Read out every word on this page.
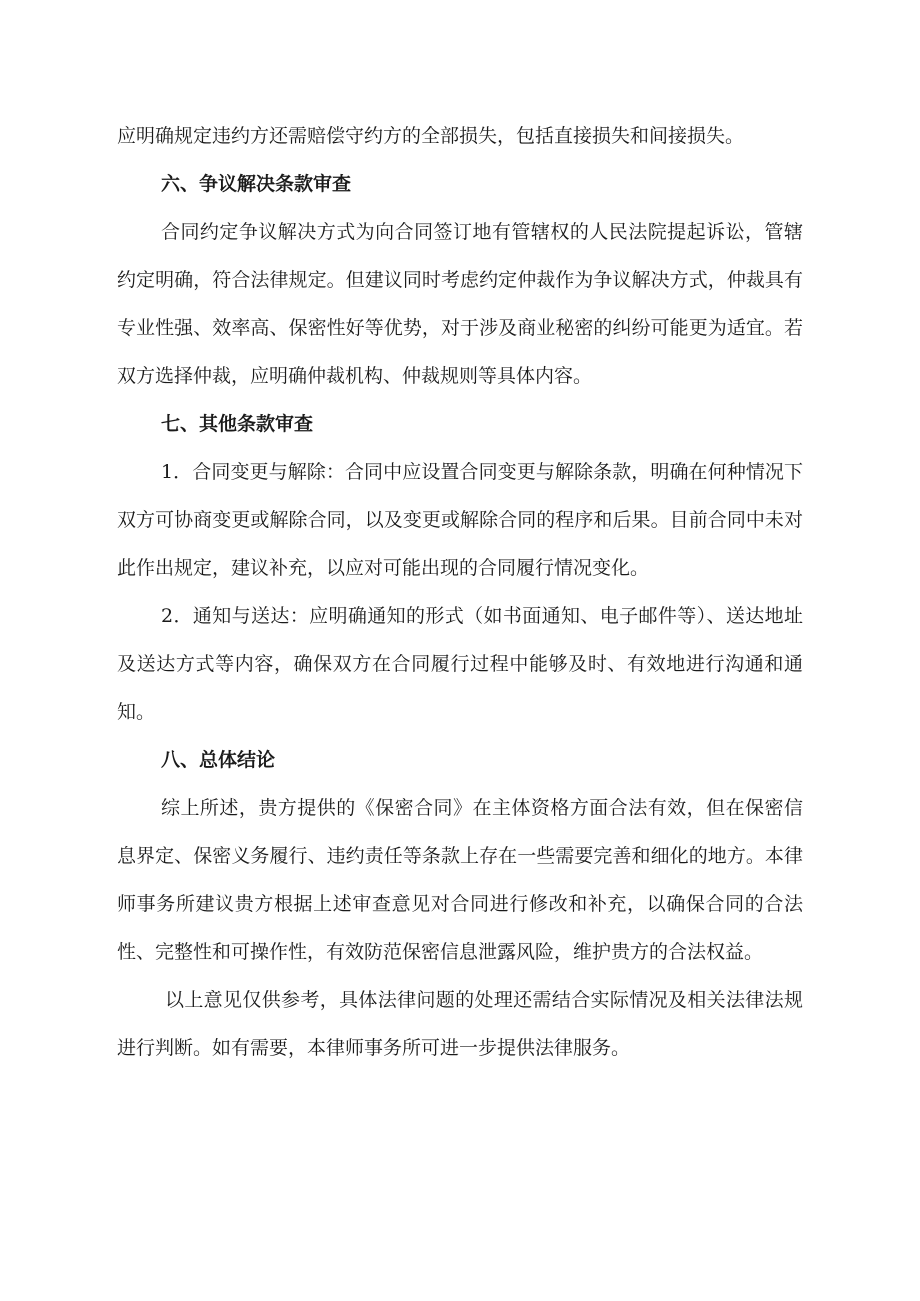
应明确规定违约方还需赔偿守约方的全部损失，包括直接损失和间接损失。

六、争议解决条款审查

合同约定争议解决方式为向合同签订地有管辖权的人民法院提起诉讼，管辖约定明确，符合法律规定。但建议同时考虑约定仲裁作为争议解决方式，仲裁具有专业性强、效率高、保密性好等优势，对于涉及商业秘密的纠纷可能更为适宜。若双方选择仲裁，应明确仲裁机构、仲裁规则等具体内容。

七、其他条款审查

1．合同变更与解除：合同中应设置合同变更与解除条款，明确在何种情况下双方可协商变更或解除合同，以及变更或解除合同的程序和后果。目前合同中未对此作出规定，建议补充，以应对可能出现的合同履行情况变化。

2．通知与送达：应明确通知的形式（如书面通知、电子邮件等）、送达地址及送达方式等内容，确保双方在合同履行过程中能够及时、有效地进行沟通和通知。

八、总体结论

综上所述，贵方提供的《保密合同》在主体资格方面合法有效，但在保密信息界定、保密义务履行、违约责任等条款上存在一些需要完善和细化的地方。本律师事务所建议贵方根据上述审查意见对合同进行修改和补充，以确保合同的合法性、完整性和可操作性，有效防范保密信息泄露风险，维护贵方的合法权益。

以上意见仅供参考，具体法律问题的处理还需结合实际情况及相关法律法规进行判断。如有需要，本律师事务所可进一步提供法律服务。
